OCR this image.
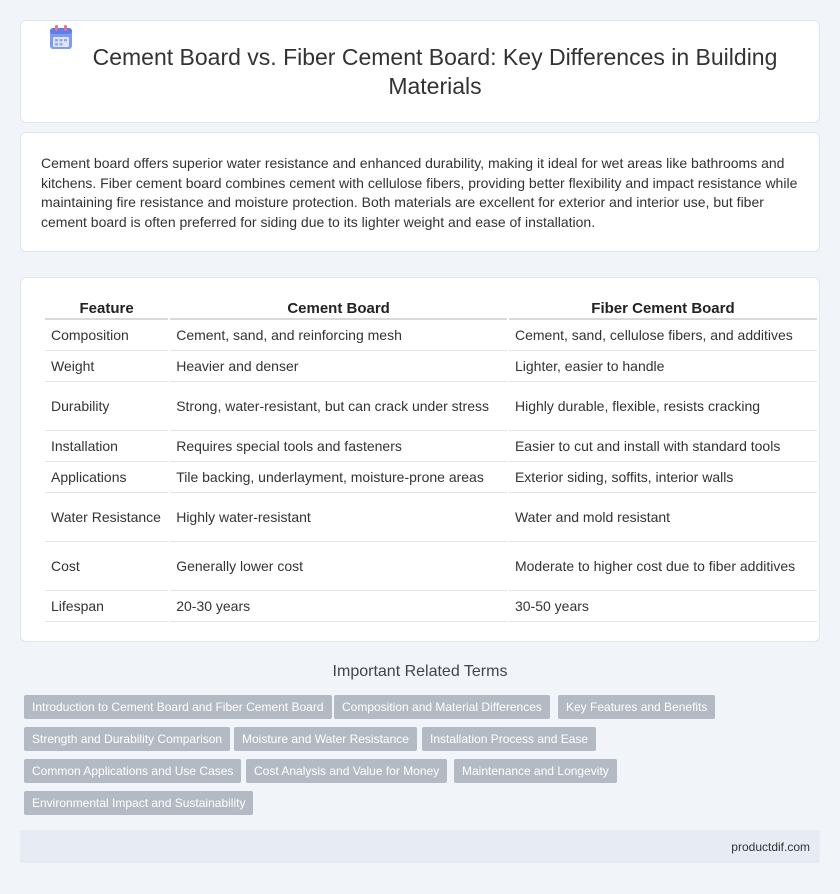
Cement Board vs. Fiber Cement Board: Key Differences in Building Materials

Cement board offers superior water resistance and enhanced durability, making it ideal for wet areas like bathrooms and kitchens. Fiber cement board combines cement with cellulose fibers, providing better flexibility and impact resistance while maintaining fire resistance and moisture protection. Both materials are excellent for exterior and interior use, but fiber cement board is often preferred for siding due to its lighter weight and ease of installation.

Feature	Cement Board	Fiber Cement Board
Composition	Cement, sand, and reinforcing mesh	Cement, sand, cellulose fibers, and additives
Weight	Heavier and denser	Lighter, easier to handle
Durability	Strong, water-resistant, but can crack under stress	Highly durable, flexible, resists cracking
Installation	Requires special tools and fasteners	Easier to cut and install with standard tools
Applications	Tile backing, underlayment, moisture-prone areas	Exterior siding, soffits, interior walls
Water Resistance	Highly water-resistant	Water and mold resistant
Cost	Generally lower cost	Moderate to higher cost due to fiber additives
Lifespan	20-30 years	30-50 years
Important Related Terms
Introduction to Cement Board and Fiber Cement Board	Composition and Material Differences	Key Features and Benefits
Strength and Durability Comparison	Moisture and Water Resistance	Installation Process and Ease
Common Applications and Use Cases	Cost Analysis and Value for Money	Maintenance and Longevity
Environmental Impact and Sustainability
productdif.com
